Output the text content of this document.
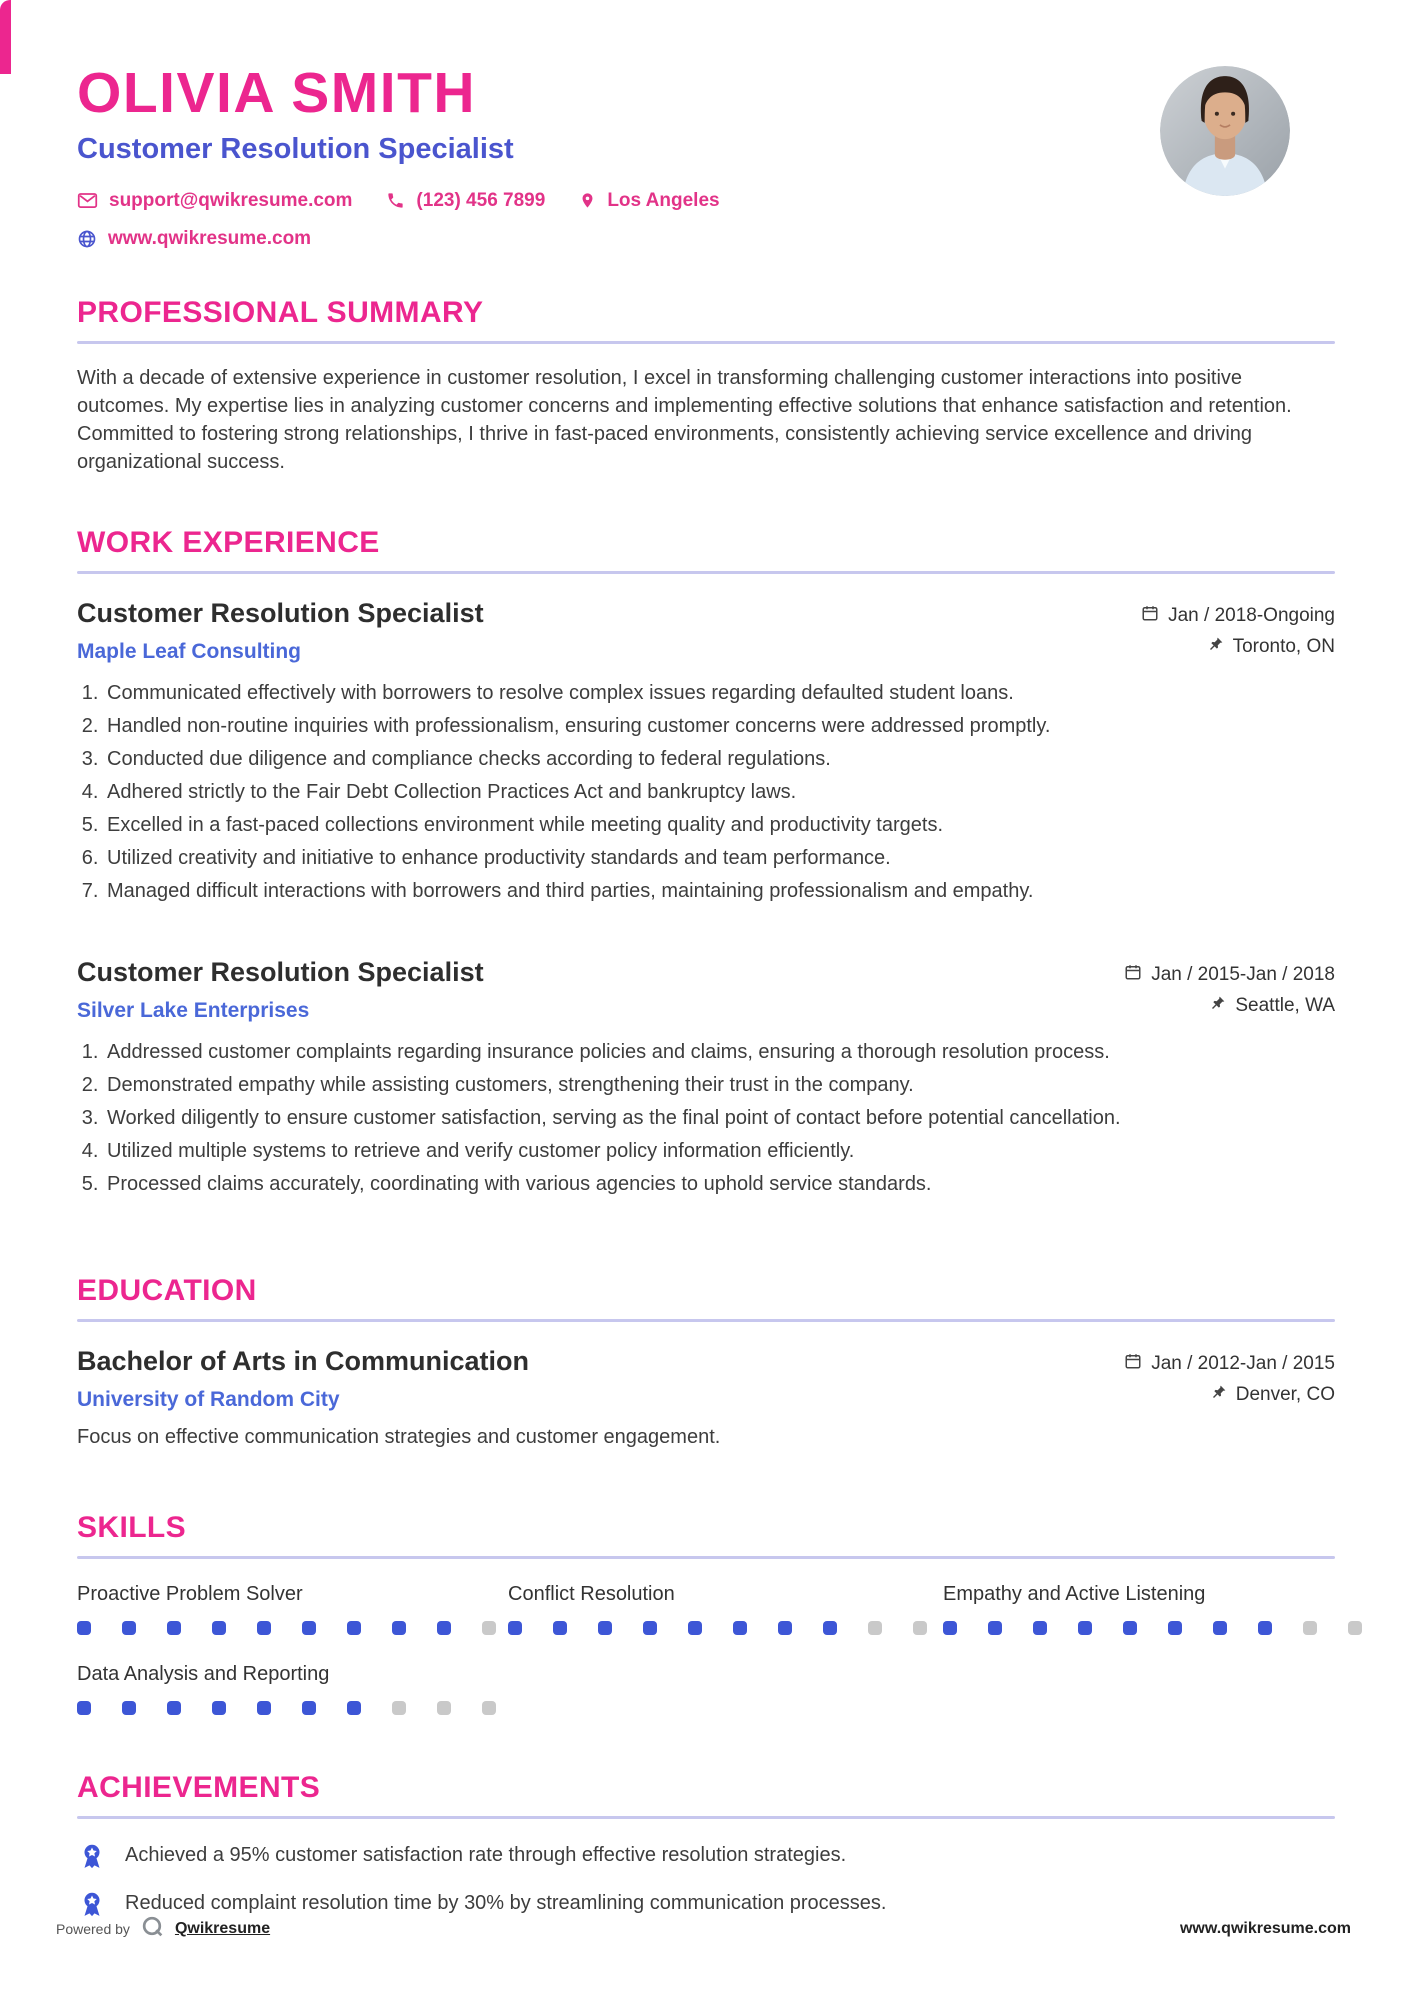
OLIVIA SMITH
Customer Resolution Specialist
support@qwikresume.com	(123) 456 7899	Los Angeles
www.qwikresume.com
PROFESSIONAL SUMMARY

With a decade of extensive experience in customer resolution, I excel in transforming challenging customer interactions into positive outcomes. My expertise lies in analyzing customer concerns and implementing effective solutions that enhance satisfaction and retention. Committed to fostering strong relationships, I thrive in fast-paced environments, consistently achieving service excellence and driving organizational success.

WORK EXPERIENCE
Customer Resolution Specialist	Jan / 2018-Ongoing
Maple Leaf Consulting	Toronto, ON
1. Communicated effectively with borrowers to resolve complex issues regarding defaulted student loans.
2. Handled non-routine inquiries with professionalism, ensuring customer concerns were addressed promptly.
3. Conducted due diligence and compliance checks according to federal regulations.
4. Adhered strictly to the Fair Debt Collection Practices Act and bankruptcy laws.
5. Excelled in a fast-paced collections environment while meeting quality and productivity targets.
6. Utilized creativity and initiative to enhance productivity standards and team performance.
7. Managed difficult interactions with borrowers and third parties, maintaining professionalism and empathy.
Customer Resolution Specialist	Jan / 2015-Jan / 2018
Silver Lake Enterprises	Seattle, WA
1. Addressed customer complaints regarding insurance policies and claims, ensuring a thorough resolution process.
2. Demonstrated empathy while assisting customers, strengthening their trust in the company.
3. Worked diligently to ensure customer satisfaction, serving as the final point of contact before potential cancellation.
4. Utilized multiple systems to retrieve and verify customer policy information efficiently.
5. Processed claims accurately, coordinating with various agencies to uphold service standards.
EDUCATION
Bachelor of Arts in Communication	Jan / 2012-Jan / 2015
University of Random City	Denver, CO

Focus on effective communication strategies and customer engagement.

SKILLS
Proactive Problem Solver	Conflict Resolution	Empathy and Active Listening
Data Analysis and Reporting
ACHIEVEMENTS
Achieved a 95% customer satisfaction rate through effective resolution strategies.
Reduced complaint resolution time by 30% by streamlining communication processes.
Powered by	Qwikresume	www.qwikresume.com
